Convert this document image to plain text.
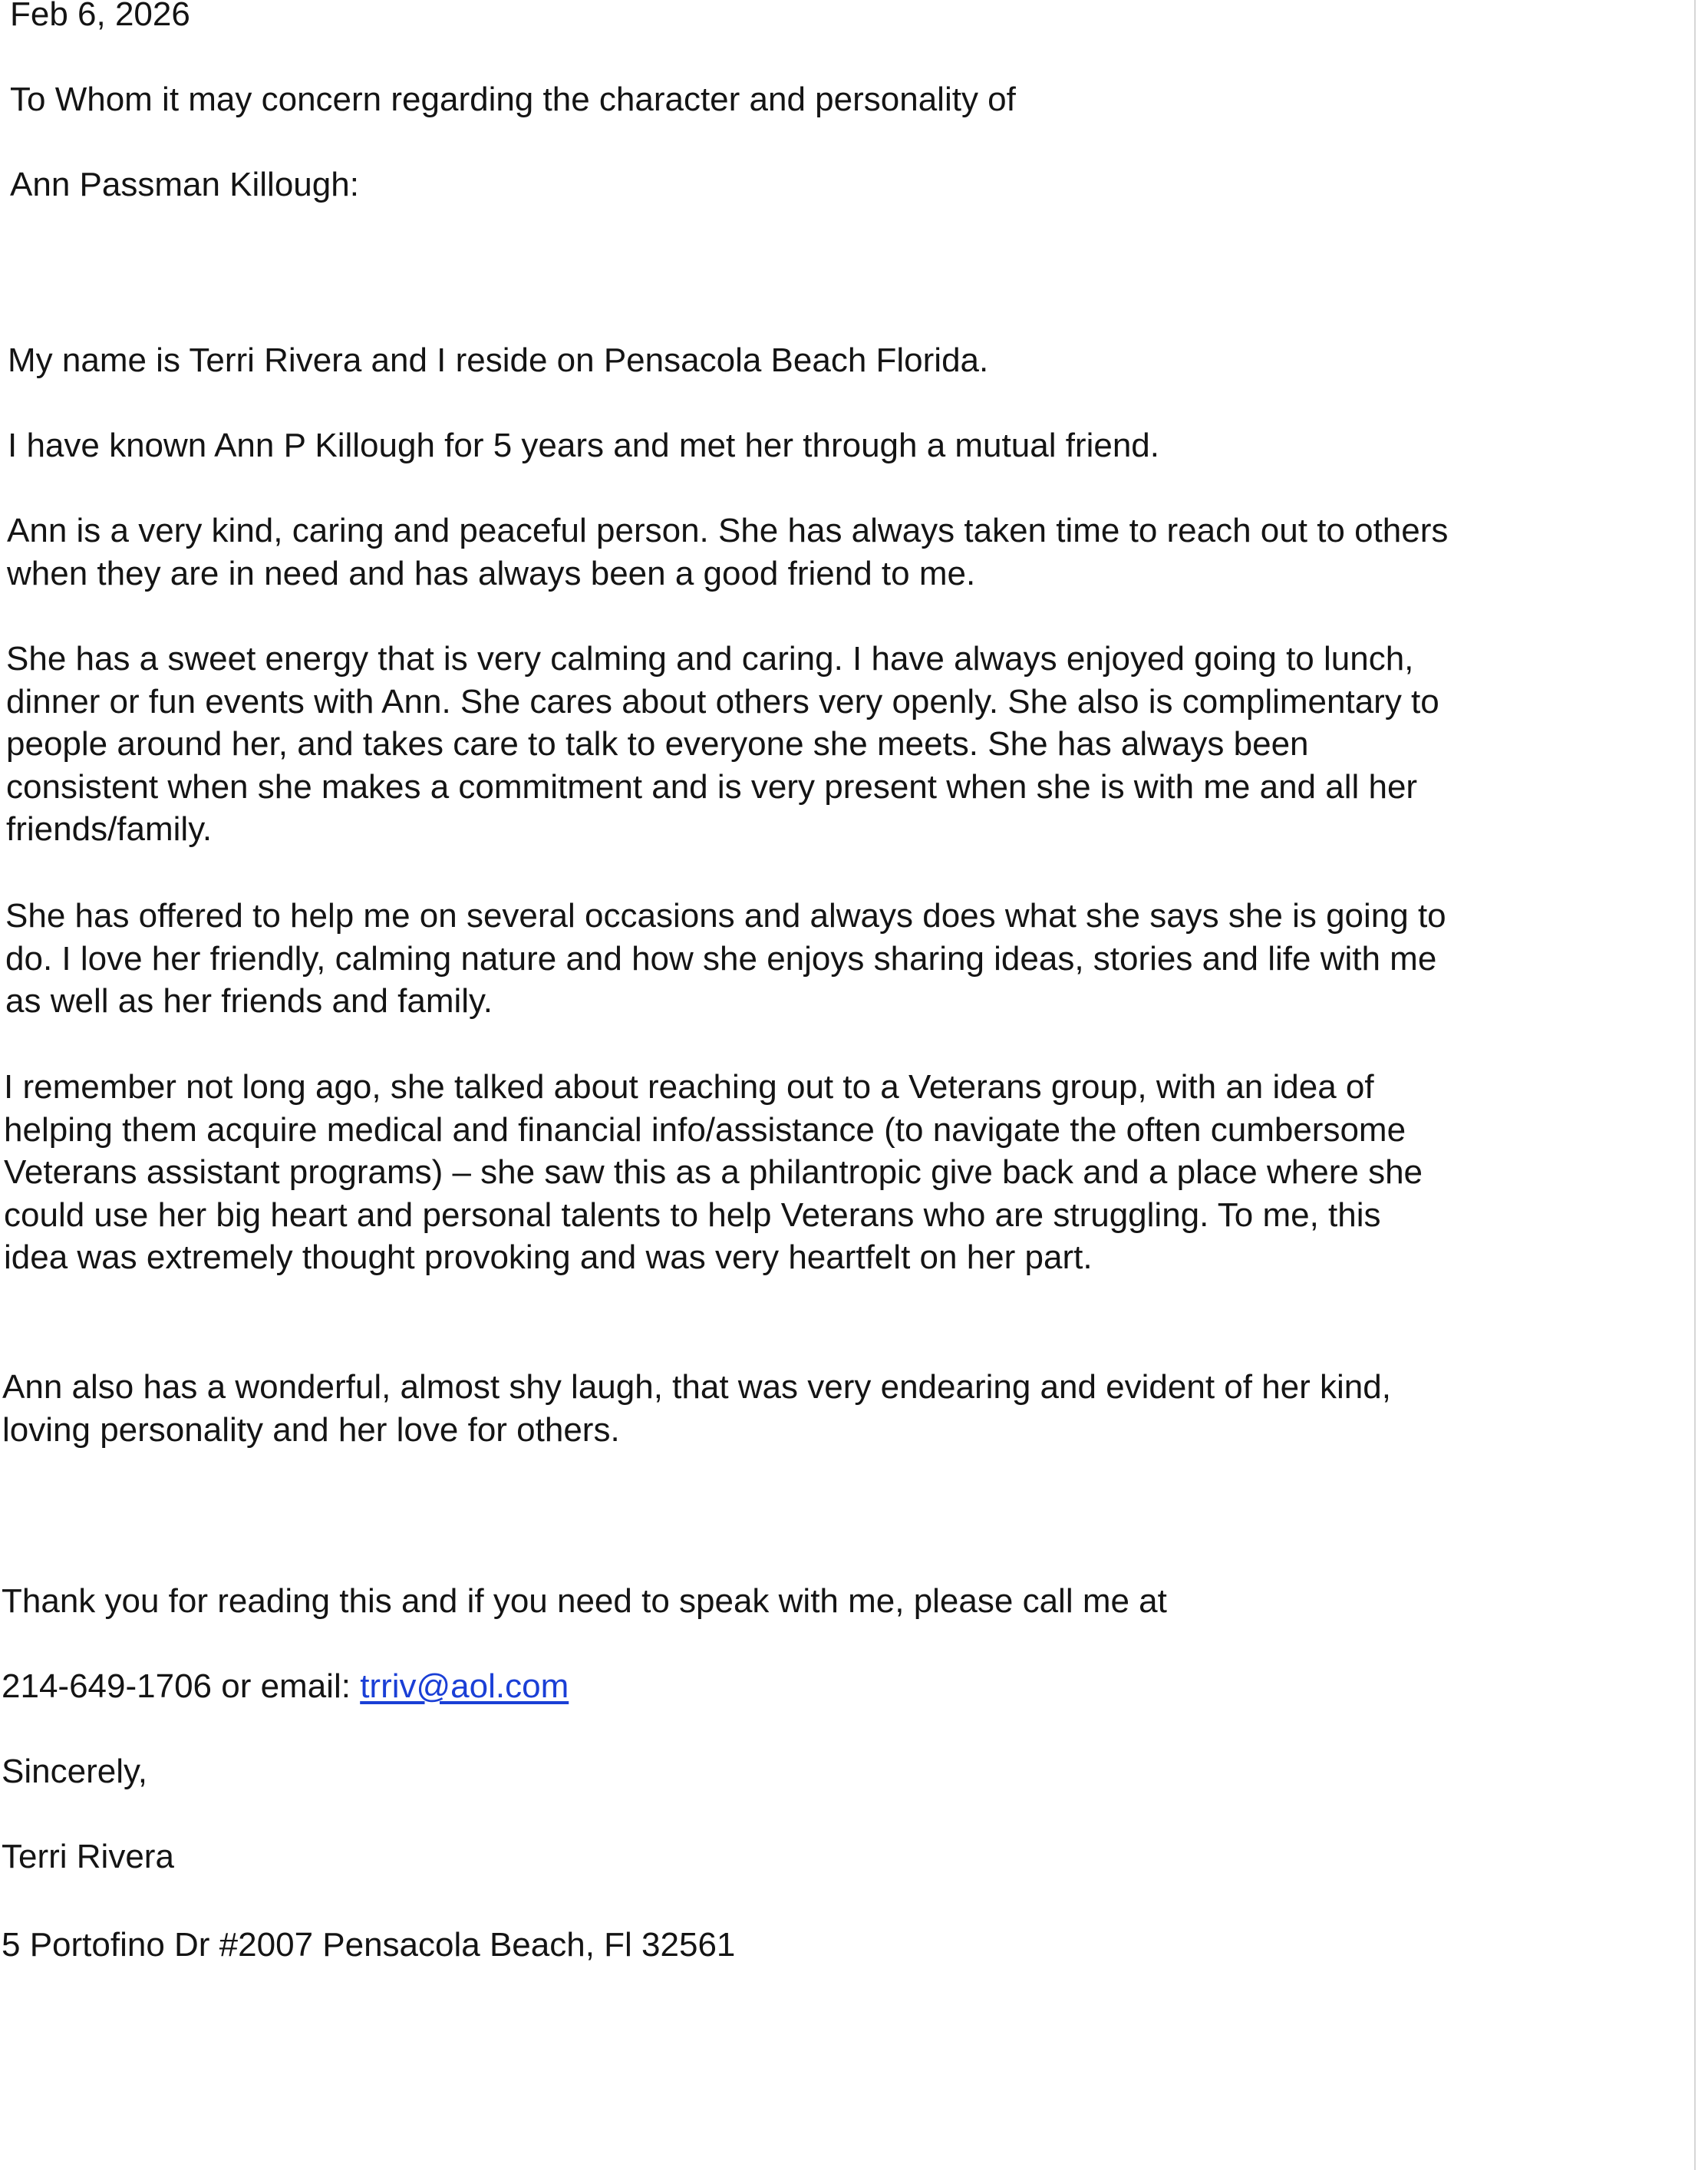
Feb 6, 2026

To Whom it may concern regarding the character and personality of

Ann Passman Killough:

My name is Terri Rivera and I reside on Pensacola Beach Florida.

I have known Ann P Killough for 5 years and met her through a mutual friend.

Ann is a very kind, caring and peaceful person. She has always taken time to reach out to others when they are in need and has always been a good friend to me.

She has a sweet energy that is very calming and caring. I have always enjoyed going to lunch, dinner or fun events with Ann. She cares about others very openly. She also is complimentary to people around her, and takes care to talk to everyone she meets. She has always been consistent when she makes a commitment and is very present when she is with me and all her friends/family.

She has offered to help me on several occasions and always does what she says she is going to do. I love her friendly, calming nature and how she enjoys sharing ideas, stories and life with me as well as her friends and family.

I remember not long ago, she talked about reaching out to a Veterans group, with an idea of helping them acquire medical and financial info/assistance (to navigate the often cumbersome Veterans assistant programs) – she saw this as a philantropic give back and a place where she could use her big heart and personal talents to help Veterans who are struggling. To me, this idea was extremely thought provoking and was very heartfelt on her part.

Ann also has a wonderful, almost shy laugh, that was very endearing and evident of her kind, loving personality and her love for others.

Thank you for reading this and if you need to speak with me, please call me at

214-649-1706 or email: trriv@aol.com

Sincerely,

Terri Rivera

5 Portofino Dr #2007 Pensacola Beach, Fl 32561
